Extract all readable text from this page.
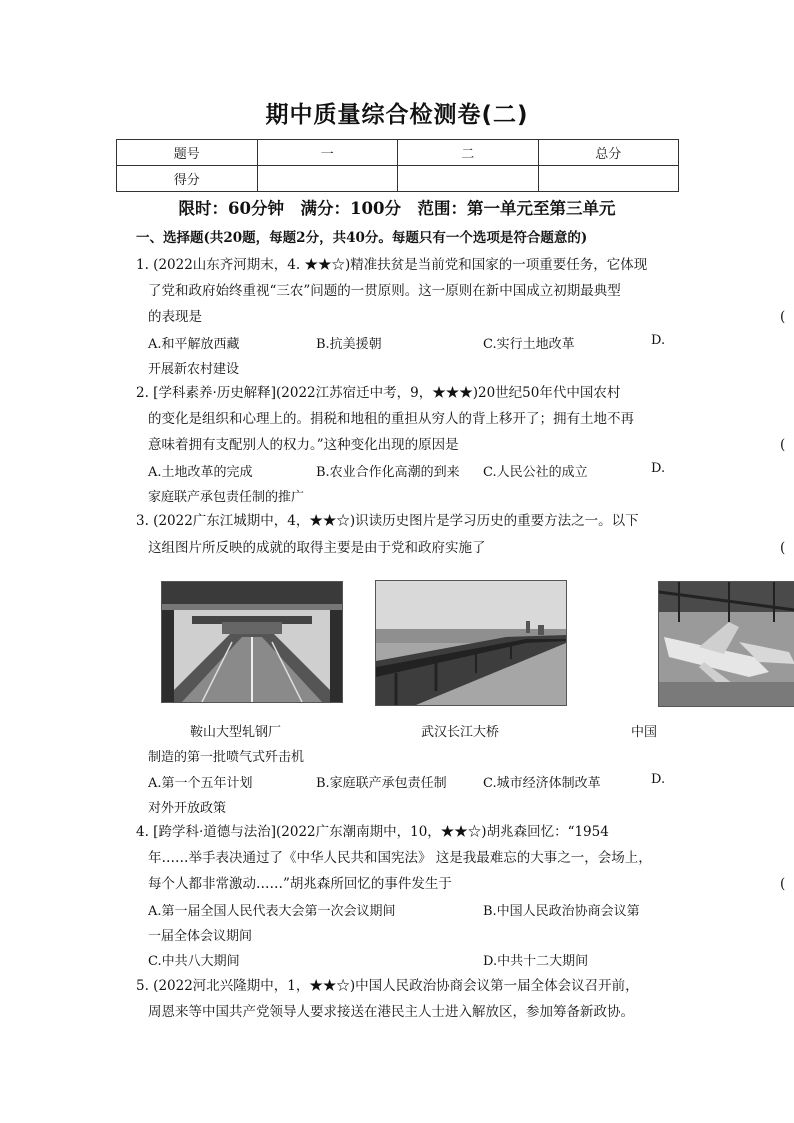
期中质量综合检测卷(二)
题号	一	二	总分
得分			
限时：60分钟　满分：100分　范围：第一单元至第三单元
一、选择题(共20题，每题2分，共40分。每题只有一个选项是符合题意的)
1. (2022山东齐河期末，4. ★★☆)精准扶贫是当前党和国家的一项重要任务，它体现
了党和政府始终重视“三农”问题的一贯原则。这一原则在新中国成立初期最典型
的表现是	(
A.和平解放西藏	B.抗美援朝	C.实行土地改革	D.
开展新农村建设
2. [学科素养·历史解释](2022江苏宿迁中考，9，★★★)20世纪50年代中国农村
的变化是组织和心理上的。捐税和地租的重担从穷人的背上移开了；拥有土地不再
意味着拥有支配别人的权力。”这种变化出现的原因是	(
A.土地改革的完成	B.农业合作化高潮的到来 C.人民公社的成立	D.
家庭联产承包责任制的推广
3. (2022广东江城期中，4，★★☆)识读历史图片是学习历史的重要方法之一。以下
这组图片所反映的成就的取得主要是由于党和政府实施了	(
鞍山大型轧钢厂	武汉长江大桥	中国
制造的第一批喷气式歼击机
A.第一个五年计划	B.家庭联产承包责任制	C.城市经济体制改革	D.
对外开放政策
4. [跨学科·道德与法治](2022广东潮南期中，10，★★☆)胡兆森回忆：“1954
年……举手表决通过了《中华人民共和国宪法》 这是我最难忘的大事之一，会场上，
每个人都非常激动……”胡兆森所回忆的事件发生于	(
A.第一届全国人民代表大会第一次会议期间	B.中国人民政治协商会议第
一届全体会议期间
C.中共八大期间	D.中共十二大期间
5. (2022河北兴隆期中，1，★★☆)中国人民政治协商会议第一届全体会议召开前，
周恩来等中国共产党领导人要求接送在港民主人士进入解放区，参加筹备新政协。
